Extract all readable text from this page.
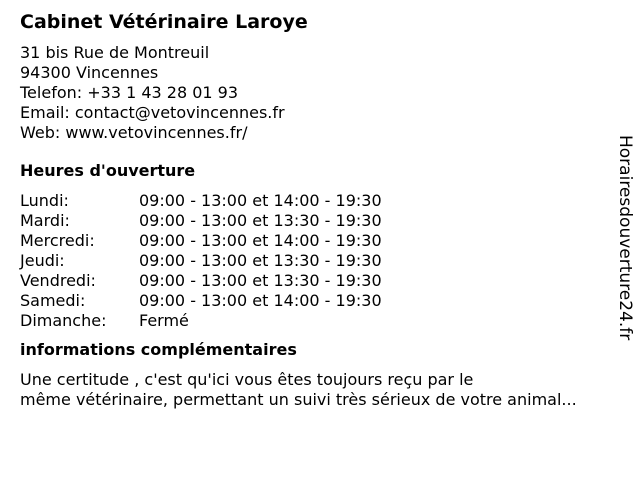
Cabinet Vétérinaire Laroye
31 bis Rue de Montreuil
94300 Vincennes
Telefon: +33 1 43 28 01 93
Email: contact@vetovincennes.fr
Web: www.vetovincennes.fr/
Heures d'ouverture
Lundi:	09:00 - 13:00 et 14:00 - 19:30
Mardi:	09:00 - 13:00 et 13:30 - 19:30
Mercredi:	09:00 - 13:00 et 14:00 - 19:30
Jeudi:	09:00 - 13:00 et 13:30 - 19:30
Vendredi:	09:00 - 13:00 et 13:30 - 19:30
Samedi:	09:00 - 13:00 et 14:00 - 19:30
Dimanche:	Fermé
informations complémentaires
Une certitude , c'est qu'ici vous êtes toujours reçu par le
même vétérinaire, permettant un suivi très sérieux de votre animal...
Horairesdouverture24.fr
